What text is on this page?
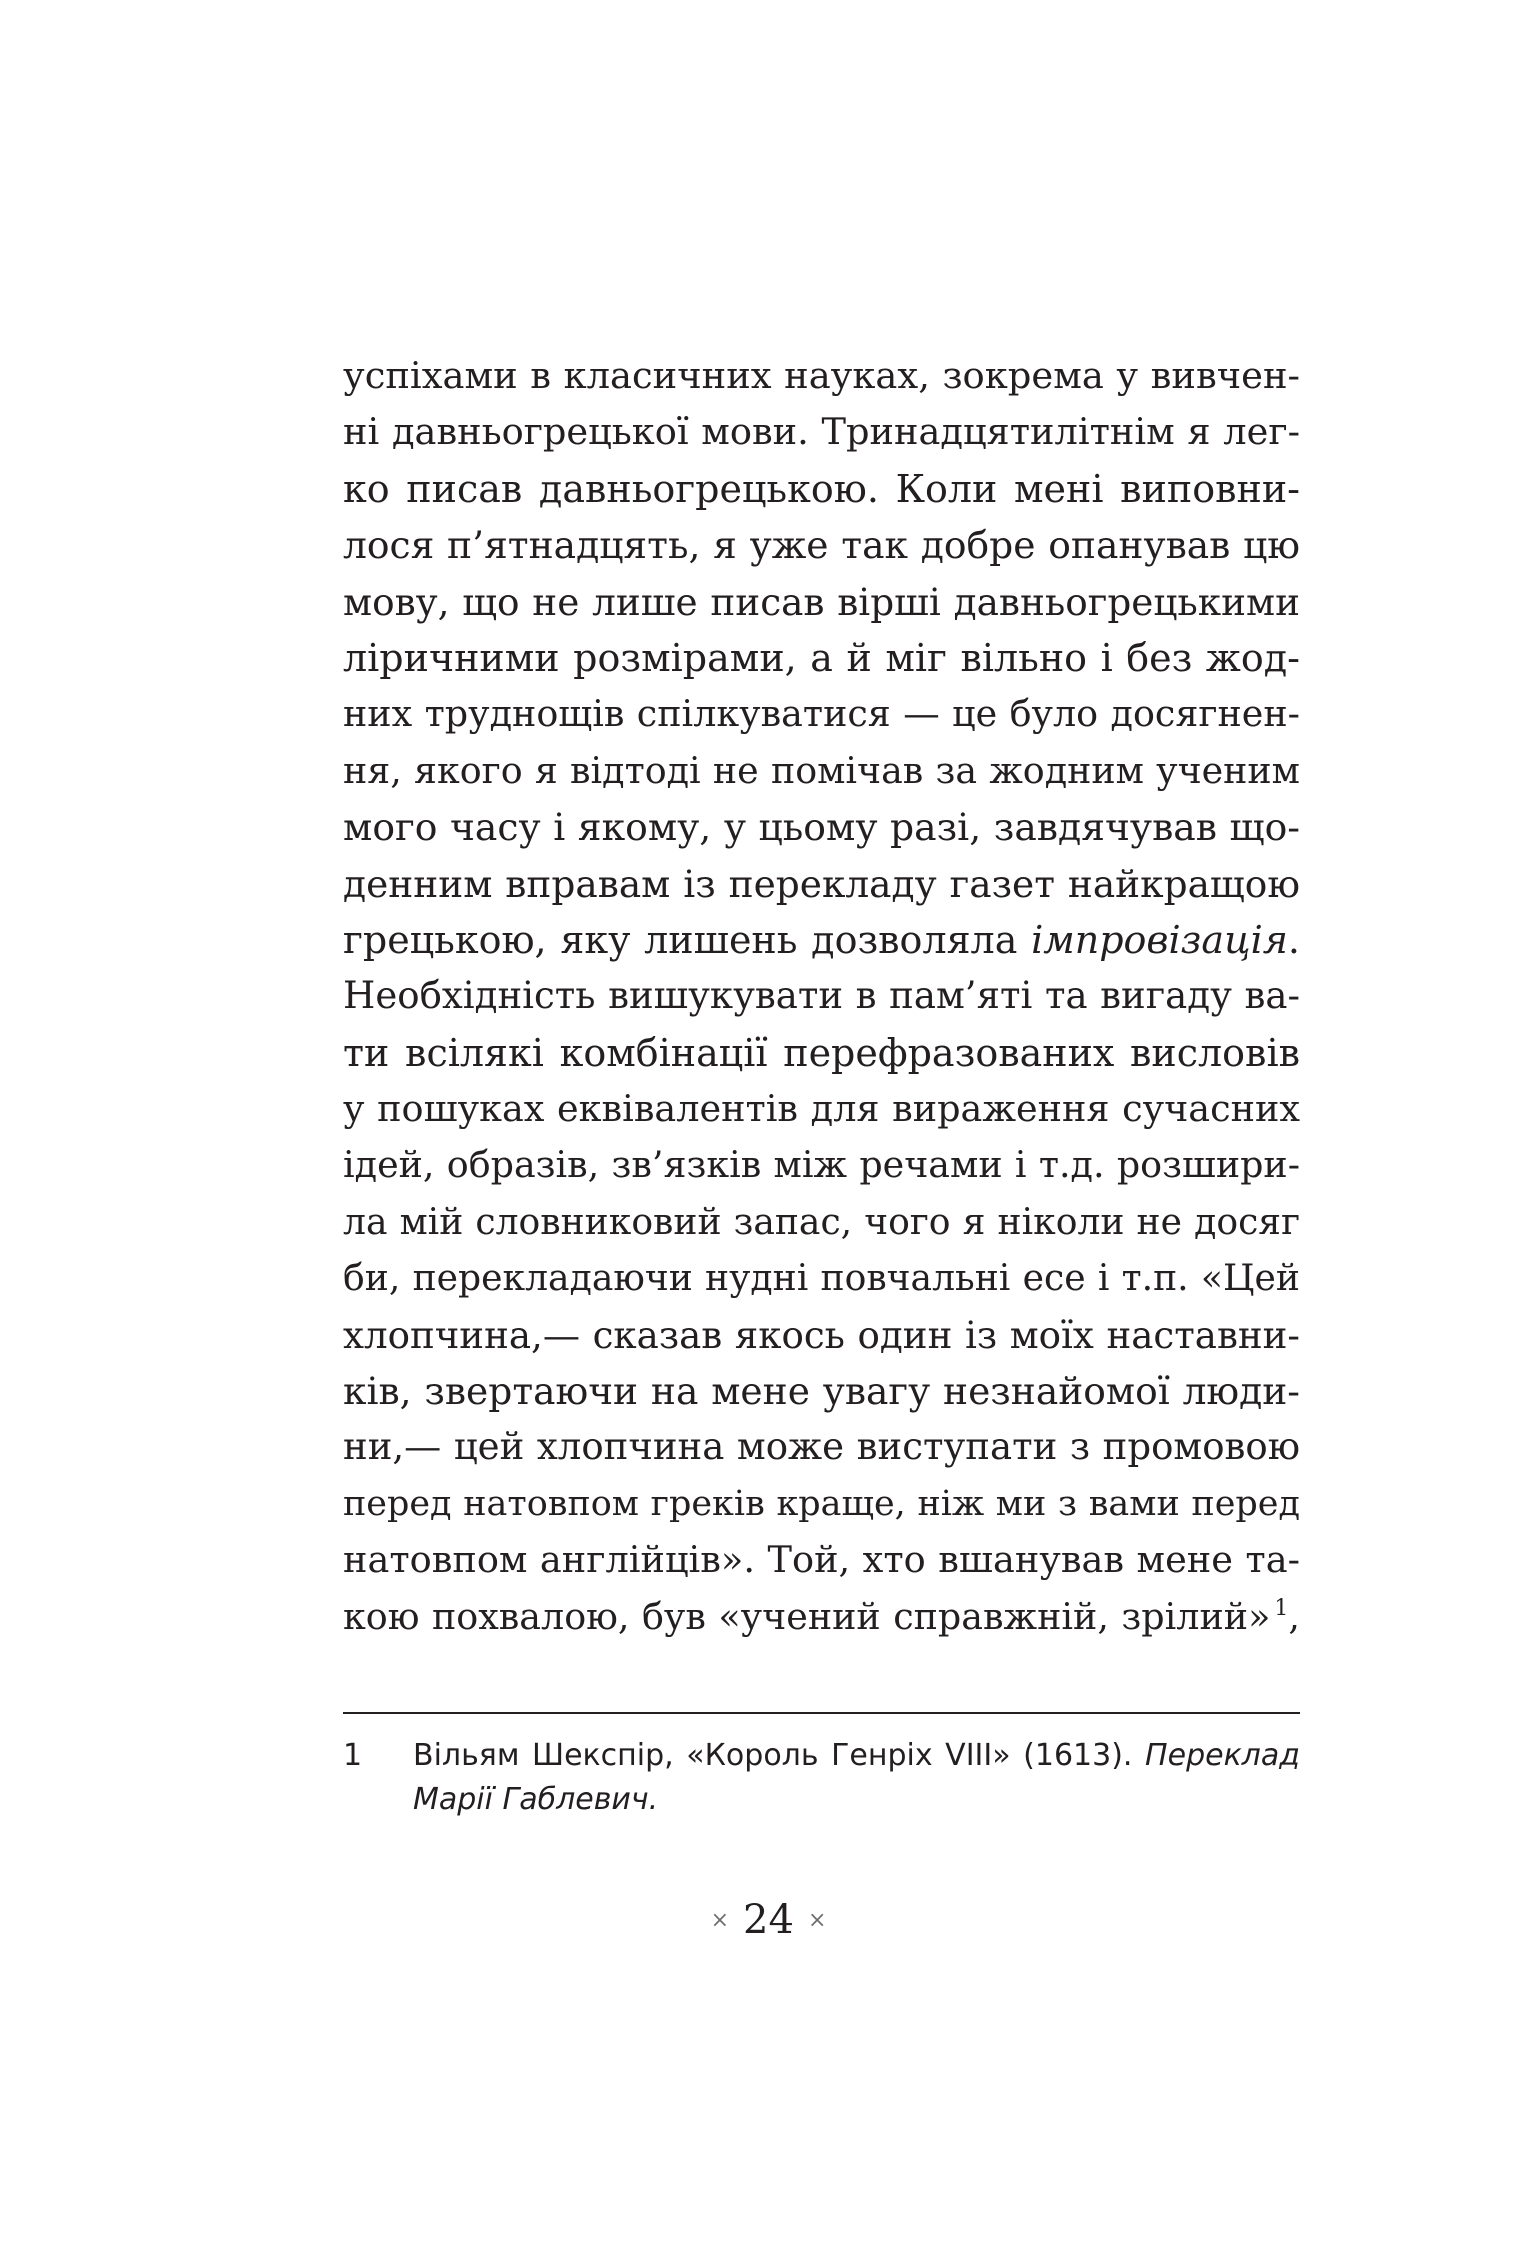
успіхами в класичних науках, зокрема у вивчен-
ні давньогрецької мови. Тринадцятилітнім я лег-
ко писав давньогрецькою. Коли мені виповни-
лося п’ятнадцять, я уже так добре опанував цю
мову, що не лише писав вірші давньогрецькими
ліричними розмірами, а й міг вільно і без жод-
них труднощів спілкуватися — це було досягнен-
ня, якого я відтоді не помічав за жодним ученим
мого часу і якому, у цьому разі, завдячував що-
денним вправам із перекладу газет найкращою
грецькою, яку лишень дозволяла імпровізація.
Необхідність вишукувати в пам’яті та вигаду ва-
ти всілякі комбінації перефразованих висловів
у пошуках еквівалентів для вираження сучасних
ідей, образів, зв’язків між речами і т.д. розшири-
ла мій словниковий запас, чого я ніколи не досяг
би, перекладаючи нудні повчальні есе і т.п. «Цей
хлопчина,— сказав якось один із моїх наставни-
ків, звертаючи на мене увагу незнайомої люди-
ни,— цей хлопчина може виступати з промовою
перед натовпом греків краще, ніж ми з вами перед
натовпом англійців». Той, хто вшанував мене та-
кою похвалою, був «учений справжній, зрілий» $^1$,
1	Вільям Шекспір, «Король Генріх VIII» (1613). Переклад
Марії Габлевич.
× 24 ×
